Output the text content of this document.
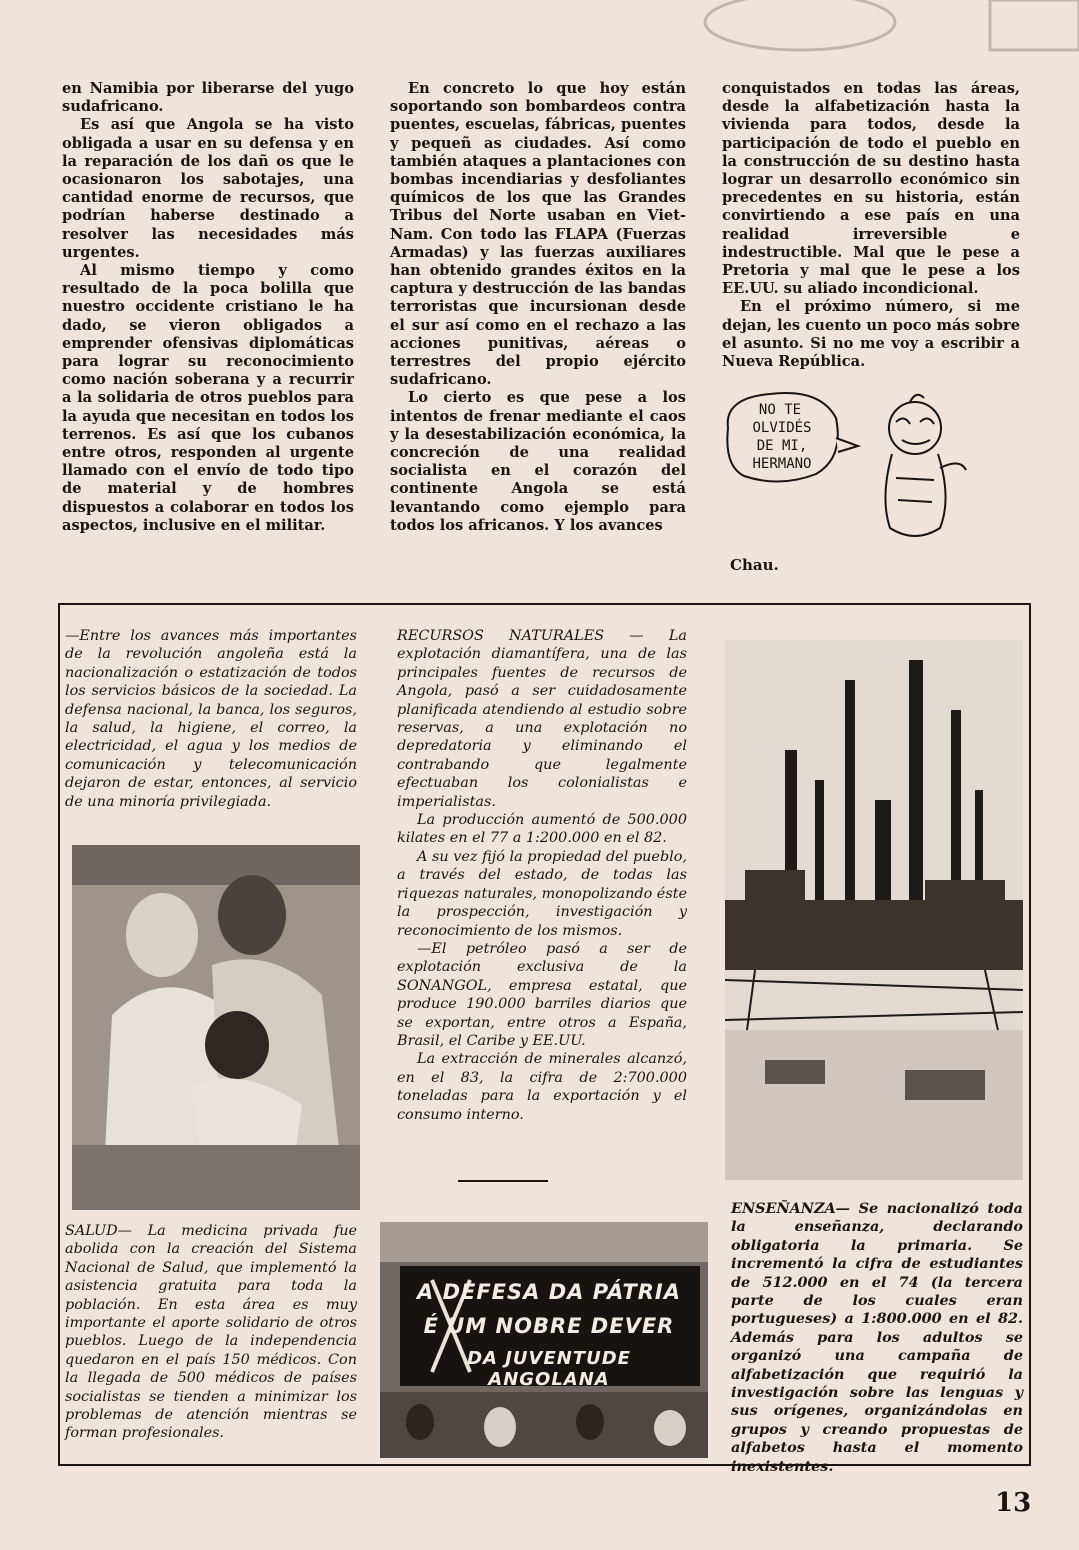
en Namibia por liberarse del yugo sudafricano.

Es así que Angola se ha visto obligada a usar en su defensa y en la reparación de los dañ os que le ocasionaron los sabotajes, una cantidad enorme de recursos, que podrían haberse destinado a resolver las necesidades más urgentes.

Al mismo tiempo y como resultado de la poca bolilla que nuestro occidente cristiano le ha dado, se vieron obligados a emprender ofensivas diplomáticas para lograr su reconocimiento como nación soberana y a recurrir a la solidaria de otros pueblos para la ayuda que necesitan en todos los terrenos. Es así que los cubanos entre otros, responden al urgente llamado con el envío de todo tipo de material y de hombres dispuestos a colaborar en todos los aspectos, inclusive en el militar.

En concreto lo que hoy están soportando son bombardeos contra puentes, escuelas, fábricas, puentes y pequeñ as ciudades. Así como también ataques a plantaciones con bombas incendiarias y desfoliantes químicos de los que las Grandes Tribus del Norte usaban en Viet-Nam. Con todo las FLAPA (Fuerzas Armadas) y las fuerzas auxiliares han obtenido grandes éxitos en la captura y destrucción de las bandas terroristas que incursionan desde el sur así como en el rechazo a las acciones punitivas, aéreas o terrestres del propio ejército sudafricano.

Lo cierto es que pese a los intentos de frenar mediante el caos y la desestabilización económica, la concreción de una realidad socialista en el corazón del continente Angola se está levantando como ejemplo para todos los africanos. Y los avances

conquistados en todas las áreas, desde la alfabetización hasta la vivienda para todos, desde la participación de todo el pueblo en la construcción de su destino hasta lograr un desarrollo económico sin precedentes en su historia, están convirtiendo a ese país en una realidad irreversible e indestructible. Mal que le pese a Pretoria y mal que le pese a los EE.UU. su aliado incondicional.

En el próximo número, si me dejan, les cuento un poco más sobre el asunto. Si no me voy a escribir a Nueva República.

NO TE
OLVIDÉS
DE MI,
HERMANO
Chau.

—Entre los avances más importantes de la revolución angoleña está la nacionalización o estatización de todos los servicios básicos de la sociedad. La defensa nacional, la banca, los seguros, la salud, la higiene, el correo, la electricidad, el agua y los medios de comunicación y telecomunicación dejaron de estar, entonces, al servicio de una minoría privilegiada.

RECURSOS NATURALES — La explotación diamantífera, una de las principales fuentes de recursos de Angola, pasó a ser cuidadosamente planificada atendiendo al estudio sobre reservas, a una explotación no depredatoria y eliminando el contrabando que legalmente efectuaban los colonialistas e imperialistas.

La producción aumentó de 500.000 kilates en el 77 a 1:200.000 en el 82.

A su vez fijó la propiedad del pueblo, a través del estado, de todas las riquezas naturales, monopolizando éste la prospección, investigación y reconocimiento de los mismos.

—El petróleo pasó a ser de explotación exclusiva de la SONANGOL, empresa estatal, que produce 190.000 barriles diarios que se exportan, entre otros a España, Brasil, el Caribe y EE.UU.

La extracción de minerales alcanzó, en el 83, la cifra de 2:700.000 toneladas para la exportación y el consumo interno.

A DEFESA DA PÁTRIA
É UM NOBRE DEVER
DA JUVENTUDE ANGOLANA

SALUD— La medicina privada fue abolida con la creación del Sistema Nacional de Salud, que implementó la asistencia gratuita para toda la población. En esta área es muy importante el aporte solidario de otros pueblos. Luego de la independencia quedaron en el país 150 médicos. Con la llegada de 500 médicos de países socialistas se tienden a minimizar los problemas de atención mientras se forman profesionales.

ENSEÑANZA— Se nacionalizó toda la enseñanza, declarando obligatoria la primaria. Se incrementó la cifra de estudiantes de 512.000 en el 74 (la tercera parte de los cuales eran portugueses) a 1:800.000 en el 82. Además para los adultos se organizó una campaña de alfabetización que requirió la investigación sobre las lenguas y sus orígenes, organizándolas en grupos y creando propuestas de alfabetos hasta el momento inexistentes.

13
